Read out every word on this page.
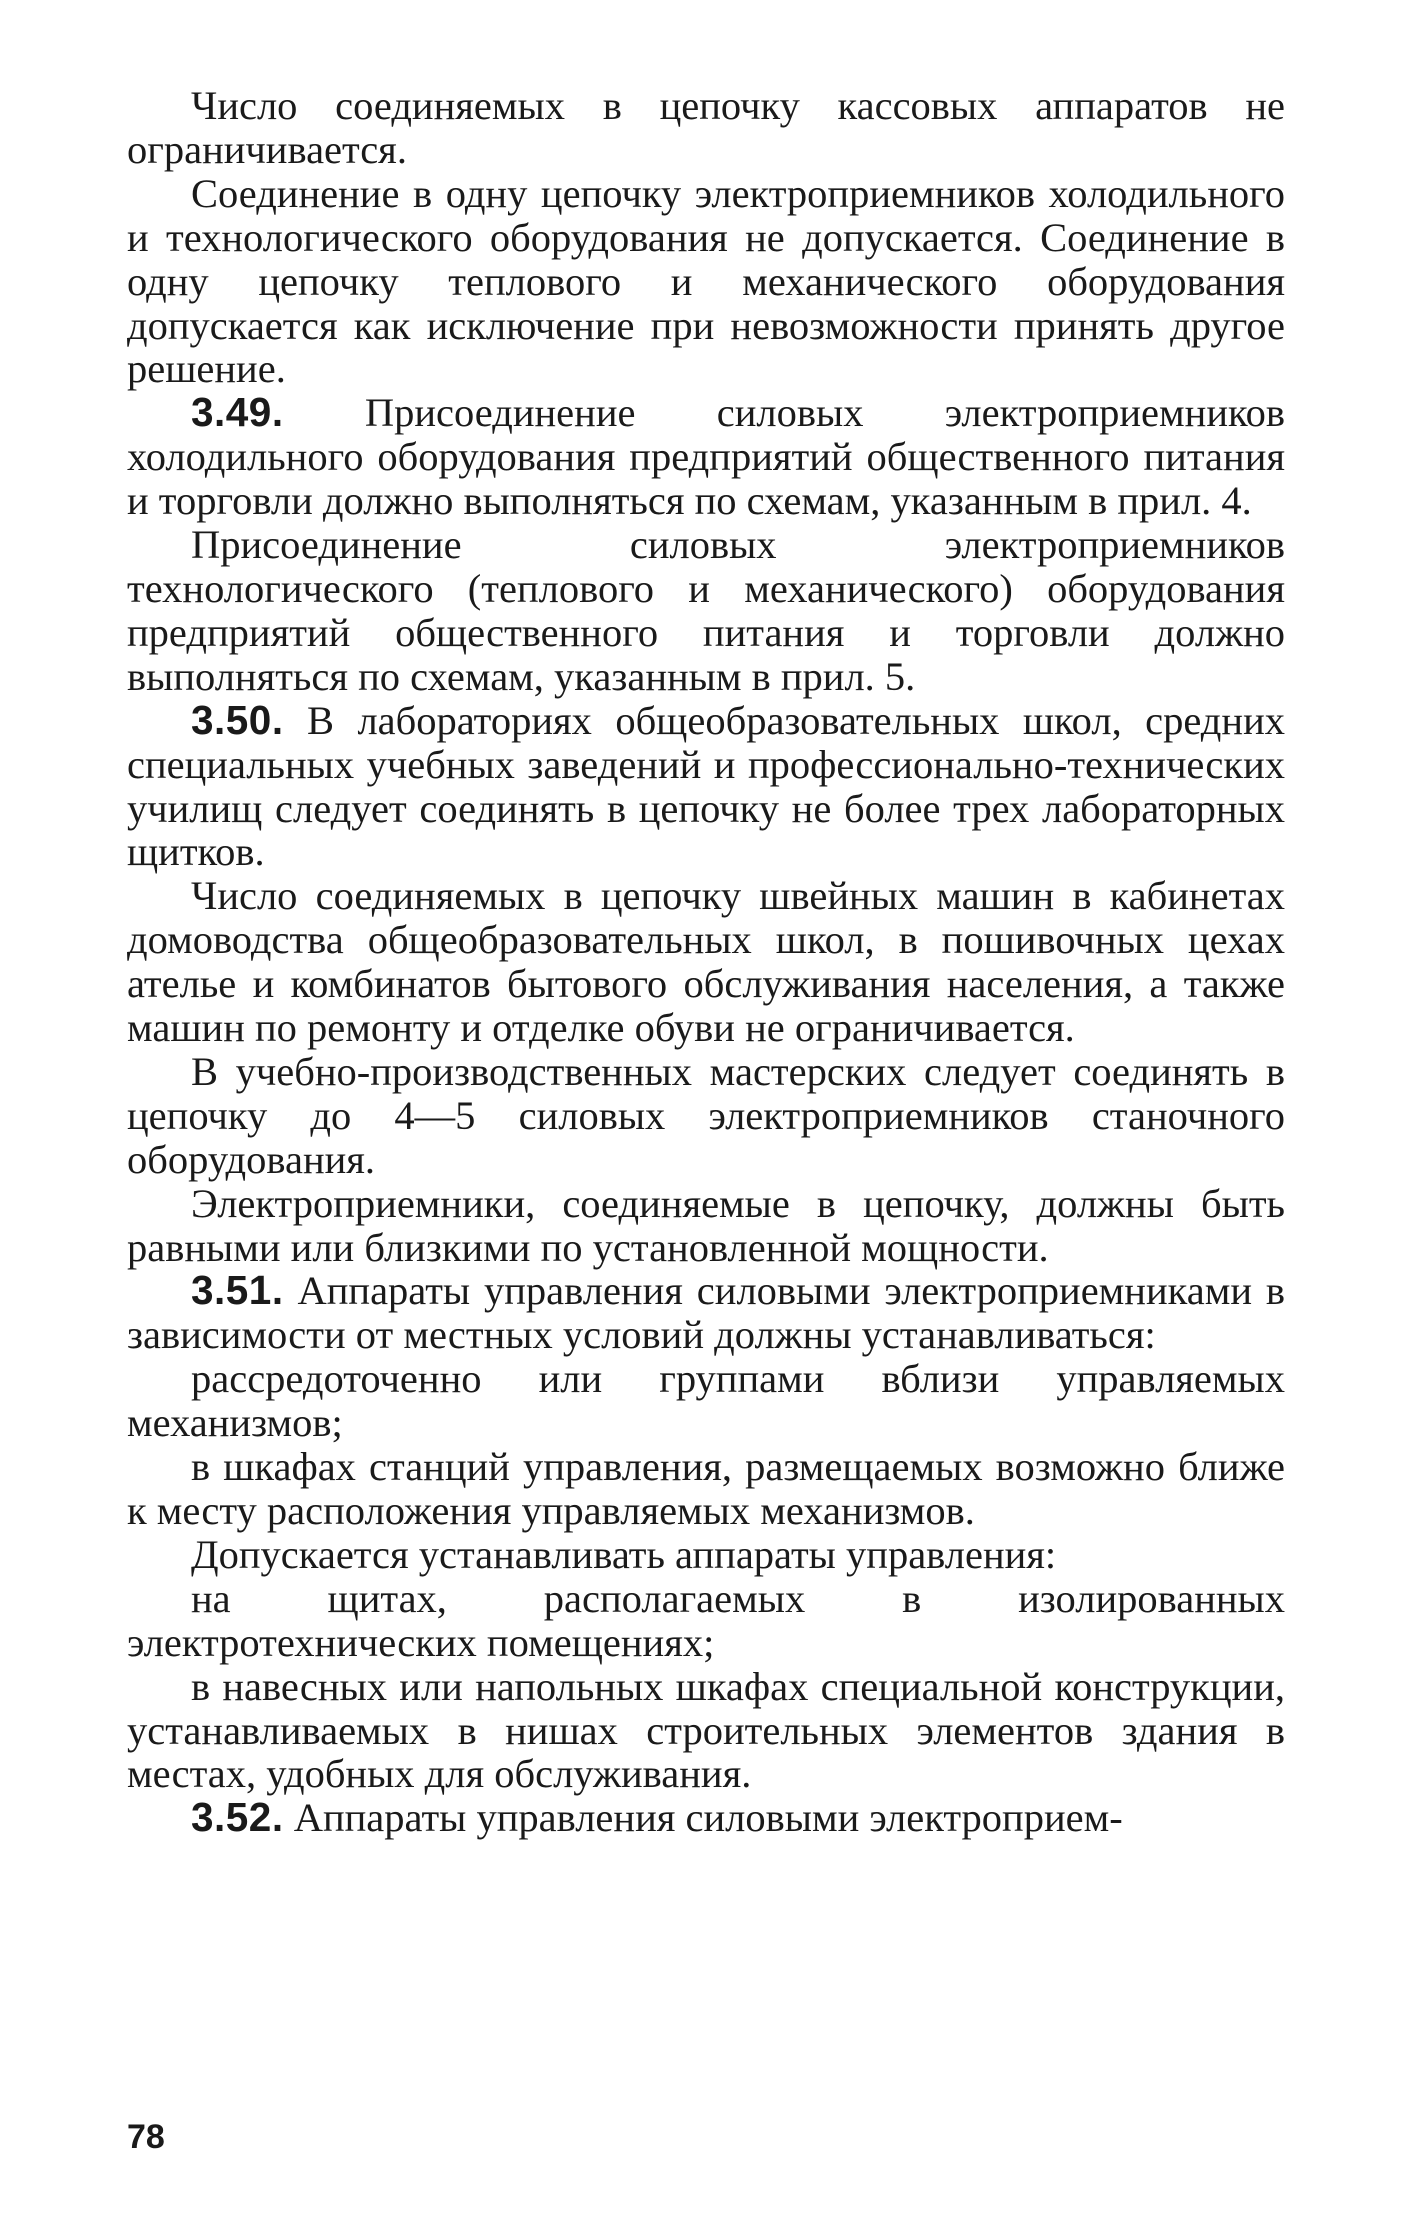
Число соединяемых в цепочку кассовых аппаратов не ограничивается.

Соединение в одну цепочку электроприемников холодильного и технологического оборудования не допускается. Соединение в одну цепочку теплового и механического оборудования допускается как исключение при невозможности принять другое решение.

3.49. Присоединение силовых электроприемников холодильного оборудования предприятий общественного питания и торговли должно выполняться по схемам, указанным в прил. 4.

Присоединение силовых электроприемников технологического (теплового и механического) оборудования предприятий общественного питания и торговли должно выполняться по схемам, указанным в прил. 5.

3.50. В лабораториях общеобразовательных школ, средних специальных учебных заведений и профессионально-технических училищ следует соединять в цепочку не более трех лабораторных щитков.

Число соединяемых в цепочку швейных машин в кабинетах домоводства общеобразовательных школ, в пошивочных цехах ателье и комбинатов бытового обслуживания населения, а также машин по ремонту и отделке обуви не ограничивается.

В учебно-производственных мастерских следует соединять в цепочку до 4—5 силовых электроприемников станочного оборудования.

Электроприемники, соединяемые в цепочку, должны быть равными или близкими по установленной мощности.

3.51. Аппараты управления силовыми электроприемниками в зависимости от местных условий должны устанавливаться:

рассредоточенно или группами вблизи управляемых механизмов;

в шкафах станций управления, размещаемых возможно ближе к месту расположения управляемых механизмов.

Допускается устанавливать аппараты управления:

на щитах, располагаемых в изолированных электротехнических помещениях;

в навесных или напольных шкафах специальной конструкции, устанавливаемых в нишах строительных элементов здания в местах, удобных для обслуживания.

3.52. Аппараты управления силовыми электроприем-

78
